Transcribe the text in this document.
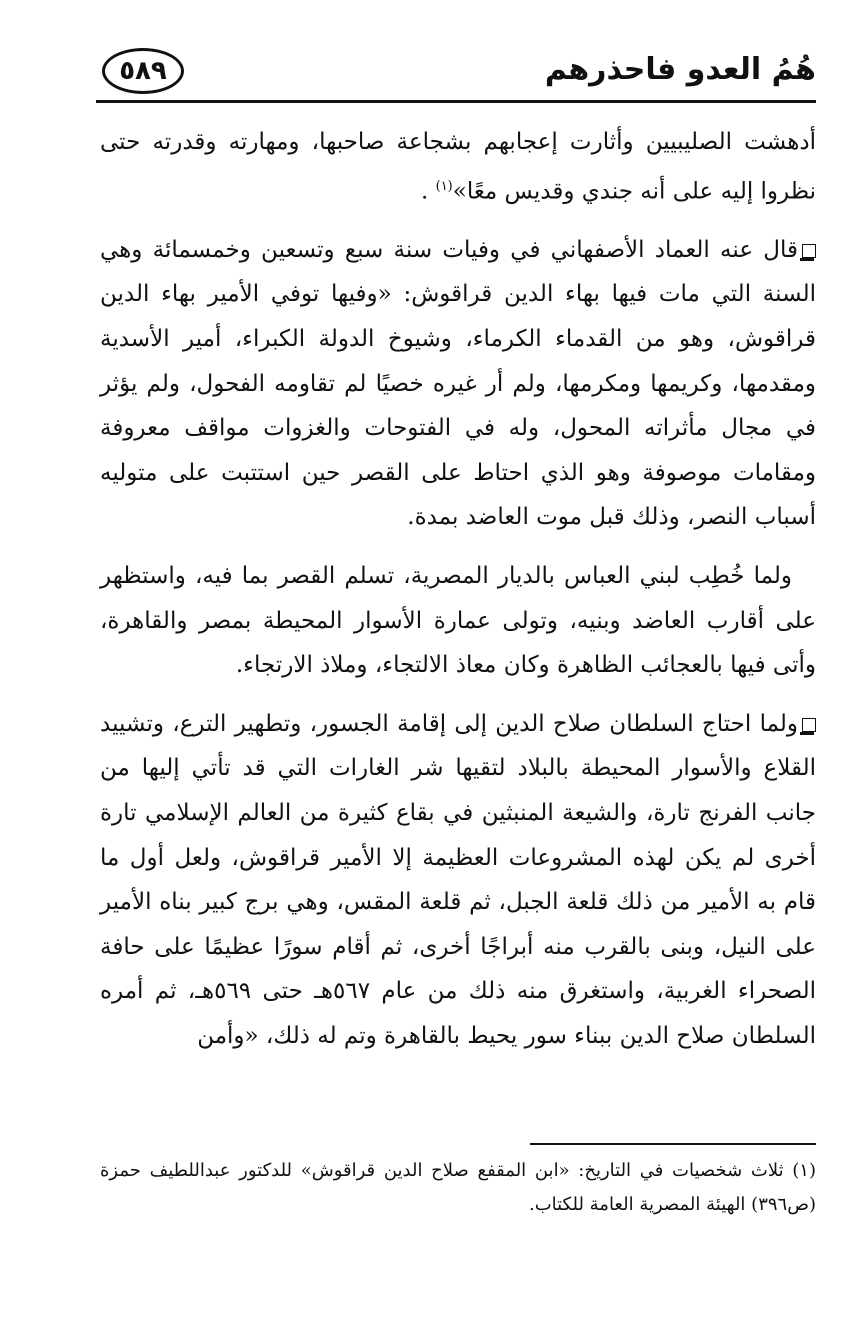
٥٨٩	هُمُ العدو فاحذرهم

أدهشت الصليبيين وأثارت إعجابهم بشجاعة صاحبها، ومهارته وقدرته حتى نظروا إليه على أنه جندي وقديس معًا»$^{(١)}$ .

قال عنه العماد الأصفهاني في وفيات سنة سبع وتسعين وخمسمائة وهي السنة التي مات فيها بهاء الدين قراقوش: «وفيها توفي الأمير بهاء الدين قراقوش، وهو من القدماء الكرماء، وشيوخ الدولة الكبراء، أمير الأسدية ومقدمها، وكريمها ومكرمها، ولم أر غيره خصيًا لم تقاومه الفحول، ولم يؤثر في مجال مأثراته المحول، وله في الفتوحات والغزوات مواقف معروفة ومقامات موصوفة وهو الذي احتاط على القصر حين استتبت على متوليه أسباب النصر، وذلك قبل موت العاضد بمدة.

ولما خُطِب لبني العباس بالديار المصرية، تسلم القصر بما فيه، واستظهر على أقارب العاضد وبنيه، وتولى عمارة الأسوار المحيطة بمصر والقاهرة، وأتى فيها بالعجائب الظاهرة وكان معاذ الالتجاء، وملاذ الارتجاء.

ولما احتاج السلطان صلاح الدين إلى إقامة الجسور، وتطهير الترع، وتشييد القلاع والأسوار المحيطة بالبلاد لتقيها شر الغارات التي قد تأتي إليها من جانب الفرنج تارة، والشيعة المنبثين في بقاع كثيرة من العالم الإسلامي تارة أخرى لم يكن لهذه المشروعات العظيمة إلا الأمير قراقوش، ولعل أول ما قام به الأمير من ذلك قلعة الجبل، ثم قلعة المقس، وهي برج كبير بناه الأمير على النيل، وبنى بالقرب منه أبراجًا أخرى، ثم أقام سورًا عظيمًا على حافة الصحراء الغربية، واستغرق منه ذلك من عام ٥٦٧هـ حتى ٥٦٩هـ، ثم أمره السلطان صلاح الدين ببناء سور يحيط بالقاهرة وتم له ذلك، «وأمن

(١) ثلاث شخصيات في التاريخ: «ابن المقفع صلاح الدين قراقوش» للدكتور عبداللطيف حمزة (ص٣٩٦) الهيئة المصرية العامة للكتاب.
